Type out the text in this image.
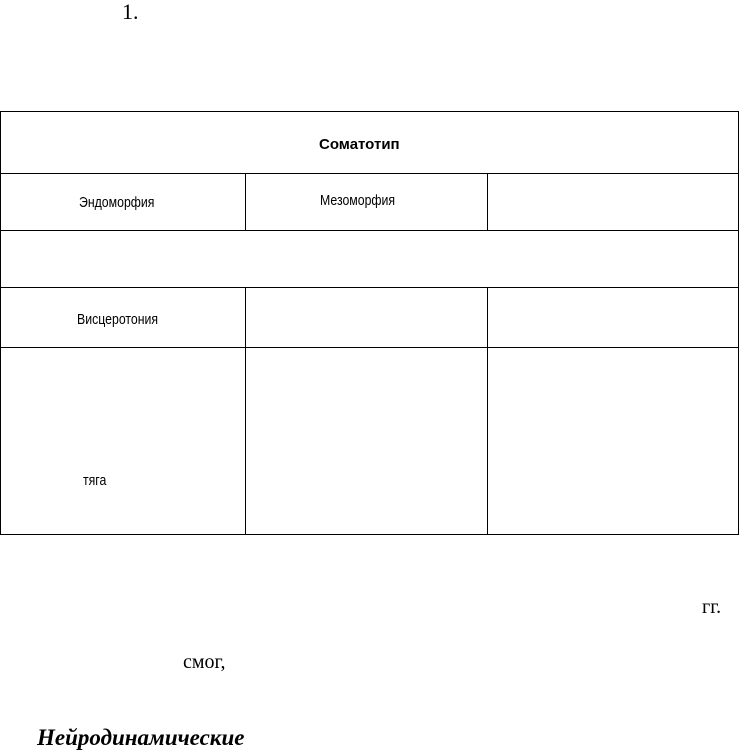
1.
Соматотип
Эндоморфия	Мезоморфия
Висцеротония
тяга
гг.
смог,
Нейродинамические
